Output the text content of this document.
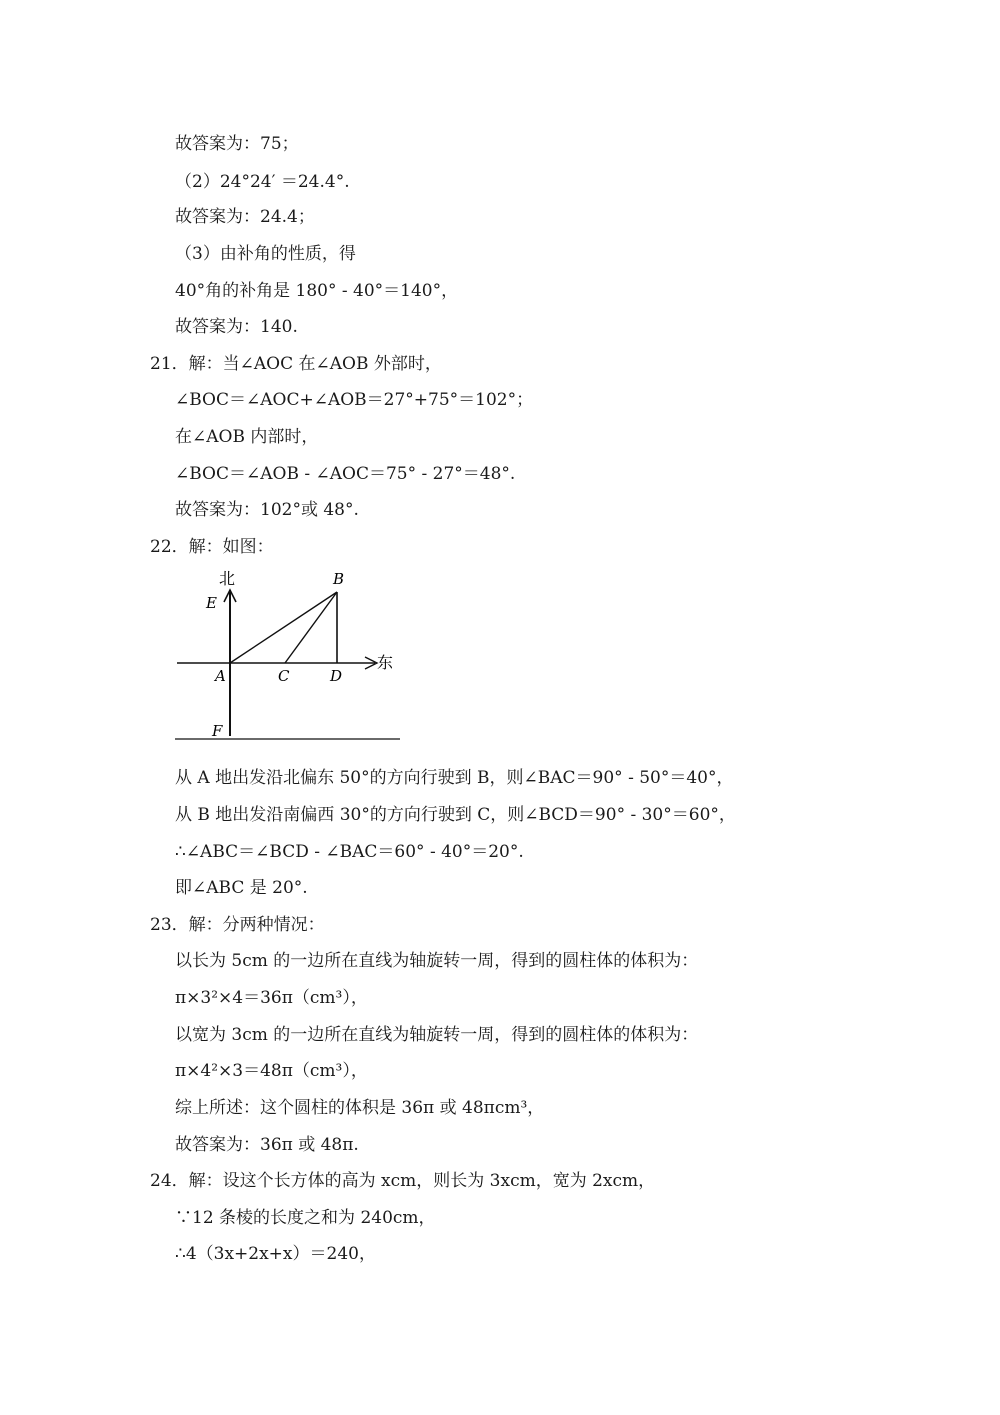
故答案为：75；
（2）24°24′ ＝24.4°.
故答案为：24.4；
（3）由补角的性质，得
40°角的补角是 180° - 40°＝140°，
故答案为：140.
21．解：当∠AOC 在∠AOB 外部时，
∠BOC＝∠AOC+∠AOB＝27°+75°＝102°；
在∠AOB 内部时，
∠BOC＝∠AOB - ∠AOC＝75° - 27°＝48°.
故答案为：102°或 48°.
22．解：如图：
北
东
B
E
A	C	D
F
从 A 地出发沿北偏东 50°的方向行驶到 B，则∠BAC＝90° - 50°＝40°，
从 B 地出发沿南偏西 30°的方向行驶到 C，则∠BCD＝90° - 30°＝60°，
∴∠ABC＝∠BCD - ∠BAC＝60° - 40°＝20°.
即∠ABC 是 20°.
23．解：分两种情况：
以长为 5cm 的一边所在直线为轴旋转一周，得到的圆柱体的体积为：
π×3²×4＝36π（cm³），
以宽为 3cm 的一边所在直线为轴旋转一周，得到的圆柱体的体积为：
π×4²×3＝48π（cm³），
综上所述：这个圆柱的体积是 36π 或 48πcm³，
故答案为：36π 或 48π.
24．解：设这个长方体的高为 xcm，则长为 3xcm，宽为 2xcm，
∵12 条棱的长度之和为 240cm，
∴4（3x+2x+x）＝240，
